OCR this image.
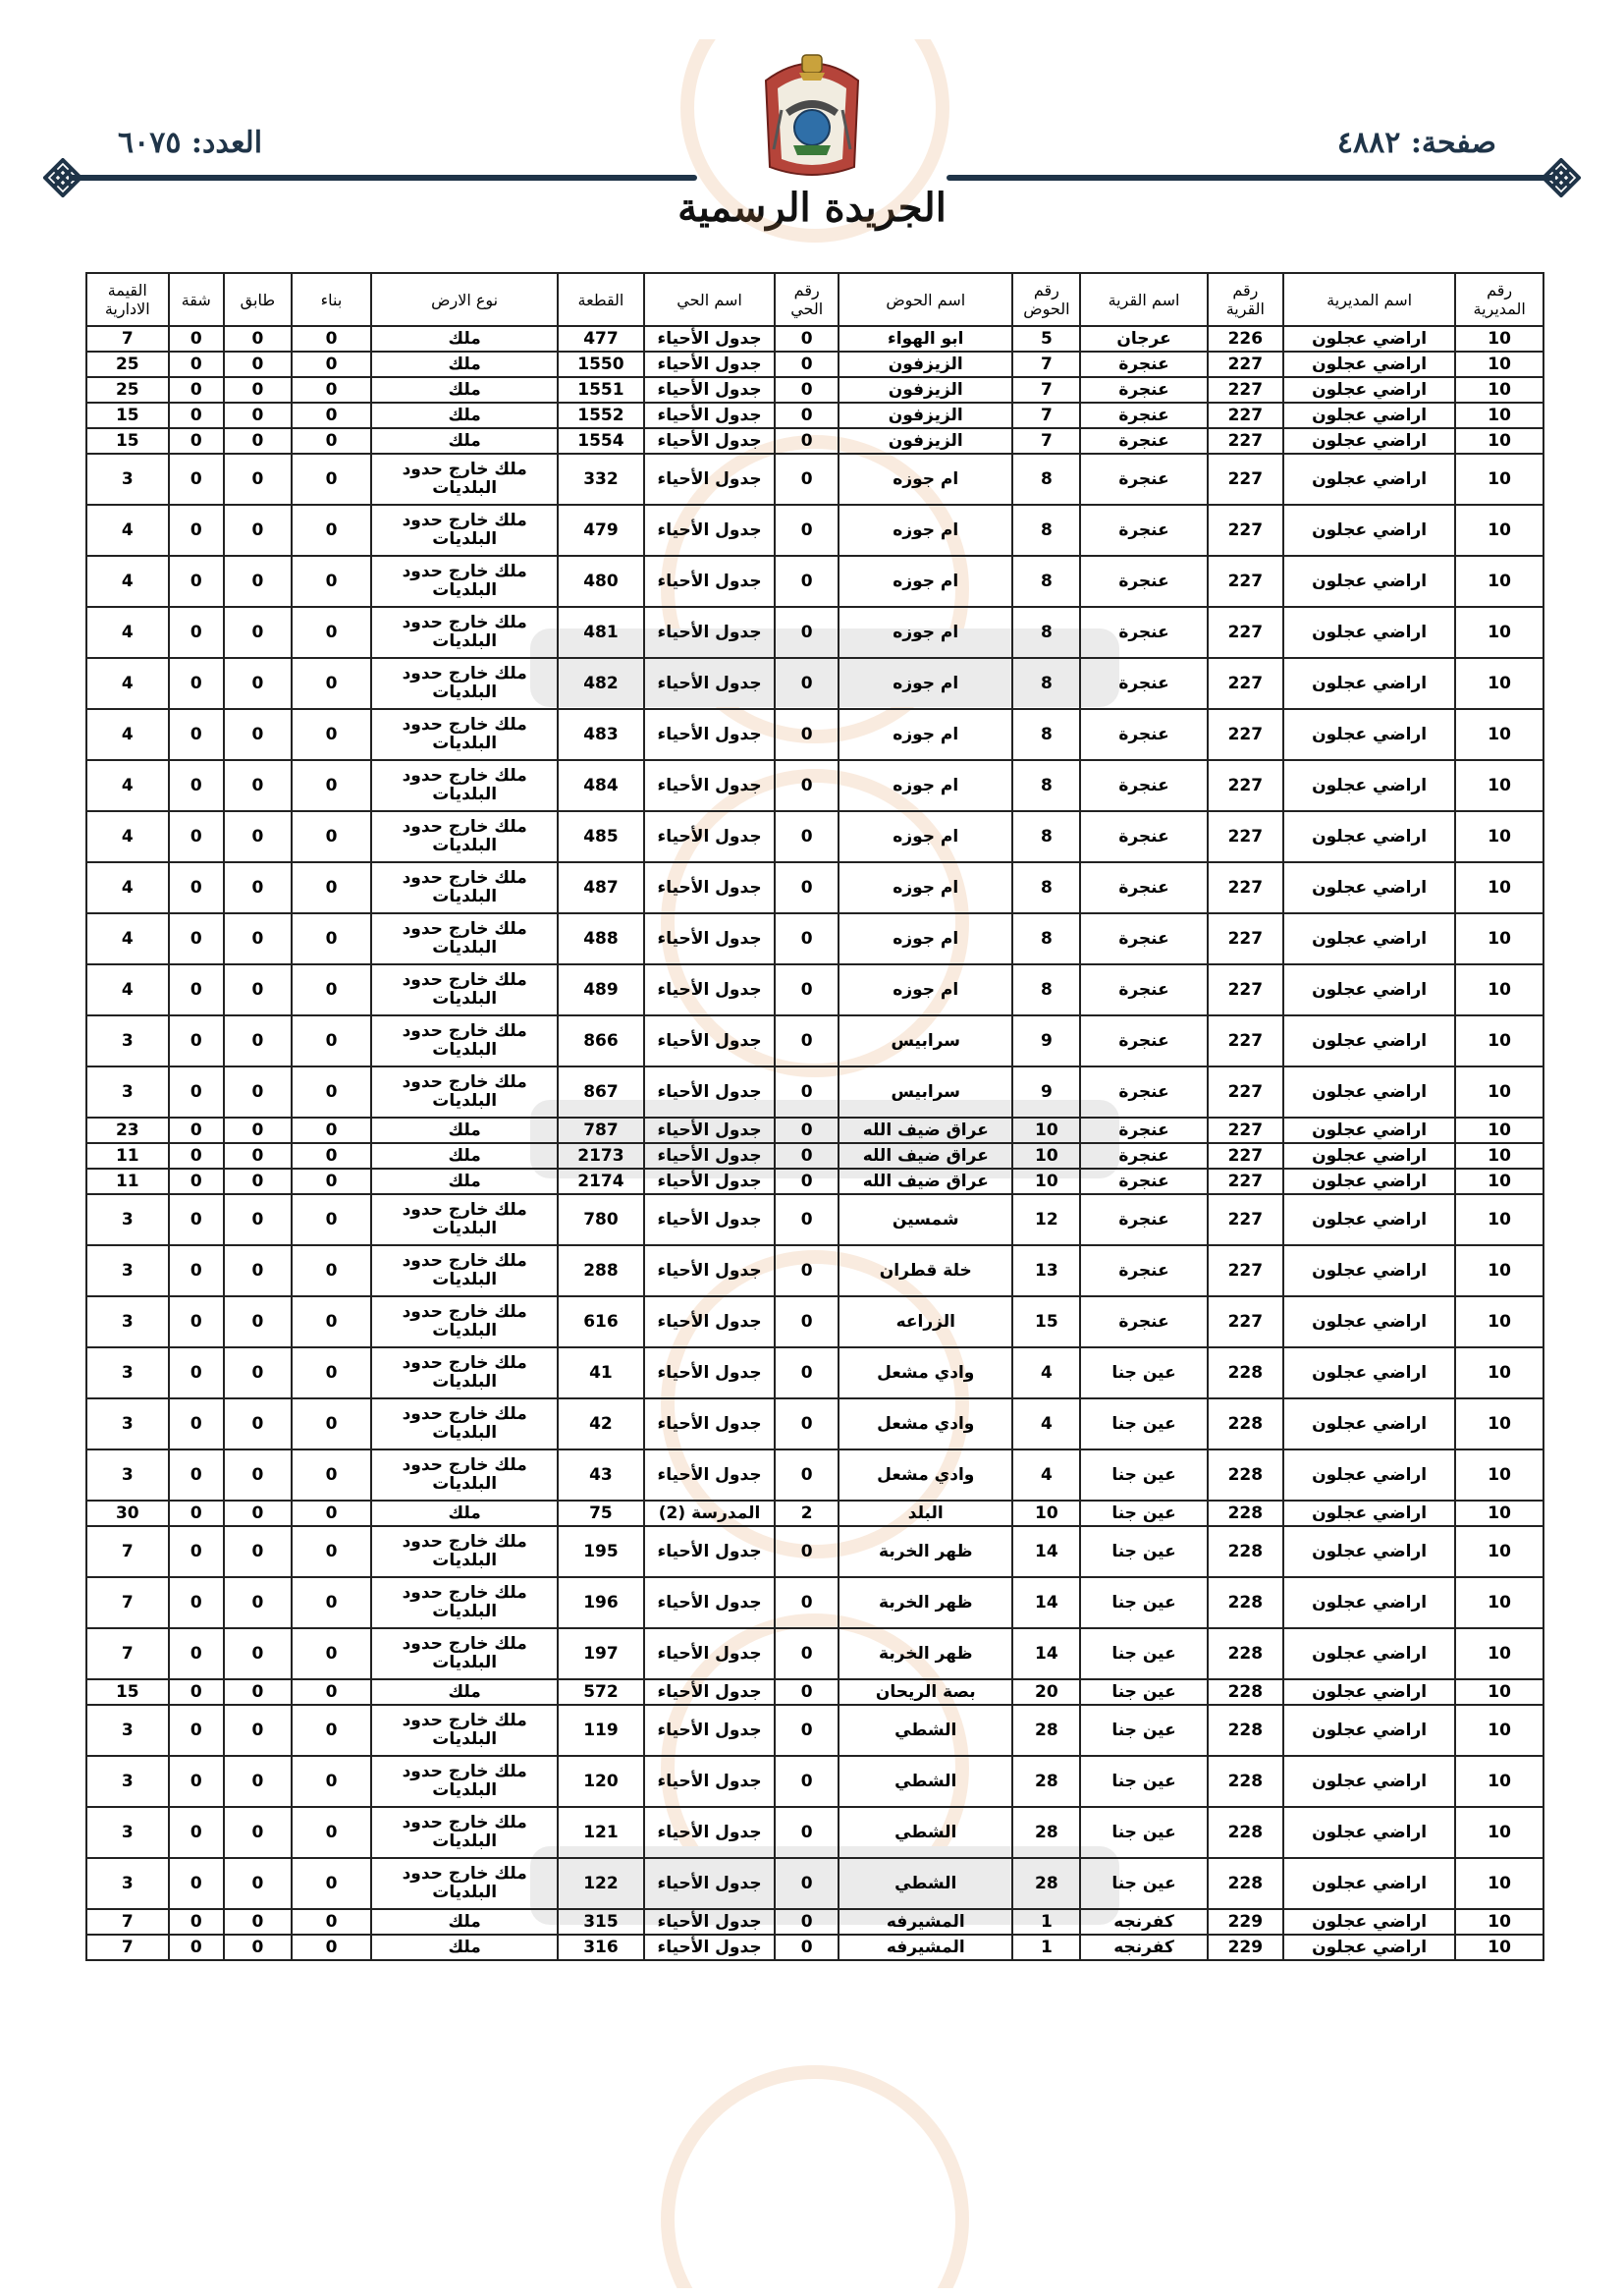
صفحة: ٤٨٨٢
العدد: ٦٠٧٥
الجريدة الرسمية
رقم المديرية	اسم المديرية	رقم القرية	اسم القرية	رقم الحوض	اسم الحوض	رقم الحي	اسم الحي	القطعة	نوع الارض	بناء	طابق	شقة	القيمة الادارية
10	اراضي عجلون	226	عرجان	5	ابو الهواء	0	جدول الأحياء	477	ملك	0	0	0	7
10	اراضي عجلون	227	عنجرة	7	الزيزفون	0	جدول الأحياء	1550	ملك	0	0	0	25
10	اراضي عجلون	227	عنجرة	7	الزيزفون	0	جدول الأحياء	1551	ملك	0	0	0	25
10	اراضي عجلون	227	عنجرة	7	الزيزفون	0	جدول الأحياء	1552	ملك	0	0	0	15
10	اراضي عجلون	227	عنجرة	7	الزيزفون	0	جدول الأحياء	1554	ملك	0	0	0	15
10	اراضي عجلون	227	عنجرة	8	ام جوزه	0	جدول الأحياء	332	ملك خارج حدود البلديات	0	0	0	3
10	اراضي عجلون	227	عنجرة	8	ام جوزه	0	جدول الأحياء	479	ملك خارج حدود البلديات	0	0	0	4
10	اراضي عجلون	227	عنجرة	8	ام جوزه	0	جدول الأحياء	480	ملك خارج حدود البلديات	0	0	0	4
10	اراضي عجلون	227	عنجرة	8	ام جوزه	0	جدول الأحياء	481	ملك خارج حدود البلديات	0	0	0	4
10	اراضي عجلون	227	عنجرة	8	ام جوزه	0	جدول الأحياء	482	ملك خارج حدود البلديات	0	0	0	4
10	اراضي عجلون	227	عنجرة	8	ام جوزه	0	جدول الأحياء	483	ملك خارج حدود البلديات	0	0	0	4
10	اراضي عجلون	227	عنجرة	8	ام جوزه	0	جدول الأحياء	484	ملك خارج حدود البلديات	0	0	0	4
10	اراضي عجلون	227	عنجرة	8	ام جوزه	0	جدول الأحياء	485	ملك خارج حدود البلديات	0	0	0	4
10	اراضي عجلون	227	عنجرة	8	ام جوزه	0	جدول الأحياء	487	ملك خارج حدود البلديات	0	0	0	4
10	اراضي عجلون	227	عنجرة	8	ام جوزه	0	جدول الأحياء	488	ملك خارج حدود البلديات	0	0	0	4
10	اراضي عجلون	227	عنجرة	8	ام جوزه	0	جدول الأحياء	489	ملك خارج حدود البلديات	0	0	0	4
10	اراضي عجلون	227	عنجرة	9	سرابيس	0	جدول الأحياء	866	ملك خارج حدود البلديات	0	0	0	3
10	اراضي عجلون	227	عنجرة	9	سرابيس	0	جدول الأحياء	867	ملك خارج حدود البلديات	0	0	0	3
10	اراضي عجلون	227	عنجرة	10	عراق ضيف الله	0	جدول الأحياء	787	ملك	0	0	0	23
10	اراضي عجلون	227	عنجرة	10	عراق ضيف الله	0	جدول الأحياء	2173	ملك	0	0	0	11
10	اراضي عجلون	227	عنجرة	10	عراق ضيف الله	0	جدول الأحياء	2174	ملك	0	0	0	11
10	اراضي عجلون	227	عنجرة	12	شمسين	0	جدول الأحياء	780	ملك خارج حدود البلديات	0	0	0	3
10	اراضي عجلون	227	عنجرة	13	خلة قطران	0	جدول الأحياء	288	ملك خارج حدود البلديات	0	0	0	3
10	اراضي عجلون	227	عنجرة	15	الزراعه	0	جدول الأحياء	616	ملك خارج حدود البلديات	0	0	0	3
10	اراضي عجلون	228	عين جنا	4	وادي مشعل	0	جدول الأحياء	41	ملك خارج حدود البلديات	0	0	0	3
10	اراضي عجلون	228	عين جنا	4	وادي مشعل	0	جدول الأحياء	42	ملك خارج حدود البلديات	0	0	0	3
10	اراضي عجلون	228	عين جنا	4	وادي مشعل	0	جدول الأحياء	43	ملك خارج حدود البلديات	0	0	0	3
10	اراضي عجلون	228	عين جنا	10	البلد	2	المدرسة (2)	75	ملك	0	0	0	30
10	اراضي عجلون	228	عين جنا	14	ظهر الخربة	0	جدول الأحياء	195	ملك خارج حدود البلديات	0	0	0	7
10	اراضي عجلون	228	عين جنا	14	ظهر الخربة	0	جدول الأحياء	196	ملك خارج حدود البلديات	0	0	0	7
10	اراضي عجلون	228	عين جنا	14	ظهر الخربة	0	جدول الأحياء	197	ملك خارج حدود البلديات	0	0	0	7
10	اراضي عجلون	228	عين جنا	20	بصة الريحان	0	جدول الأحياء	572	ملك	0	0	0	15
10	اراضي عجلون	228	عين جنا	28	الشطي	0	جدول الأحياء	119	ملك خارج حدود البلديات	0	0	0	3
10	اراضي عجلون	228	عين جنا	28	الشطي	0	جدول الأحياء	120	ملك خارج حدود البلديات	0	0	0	3
10	اراضي عجلون	228	عين جنا	28	الشطي	0	جدول الأحياء	121	ملك خارج حدود البلديات	0	0	0	3
10	اراضي عجلون	228	عين جنا	28	الشطي	0	جدول الأحياء	122	ملك خارج حدود البلديات	0	0	0	3
10	اراضي عجلون	229	كفرنجه	1	المشيرفه	0	جدول الأحياء	315	ملك	0	0	0	7
10	اراضي عجلون	229	كفرنجه	1	المشيرفه	0	جدول الأحياء	316	ملك	0	0	0	7
